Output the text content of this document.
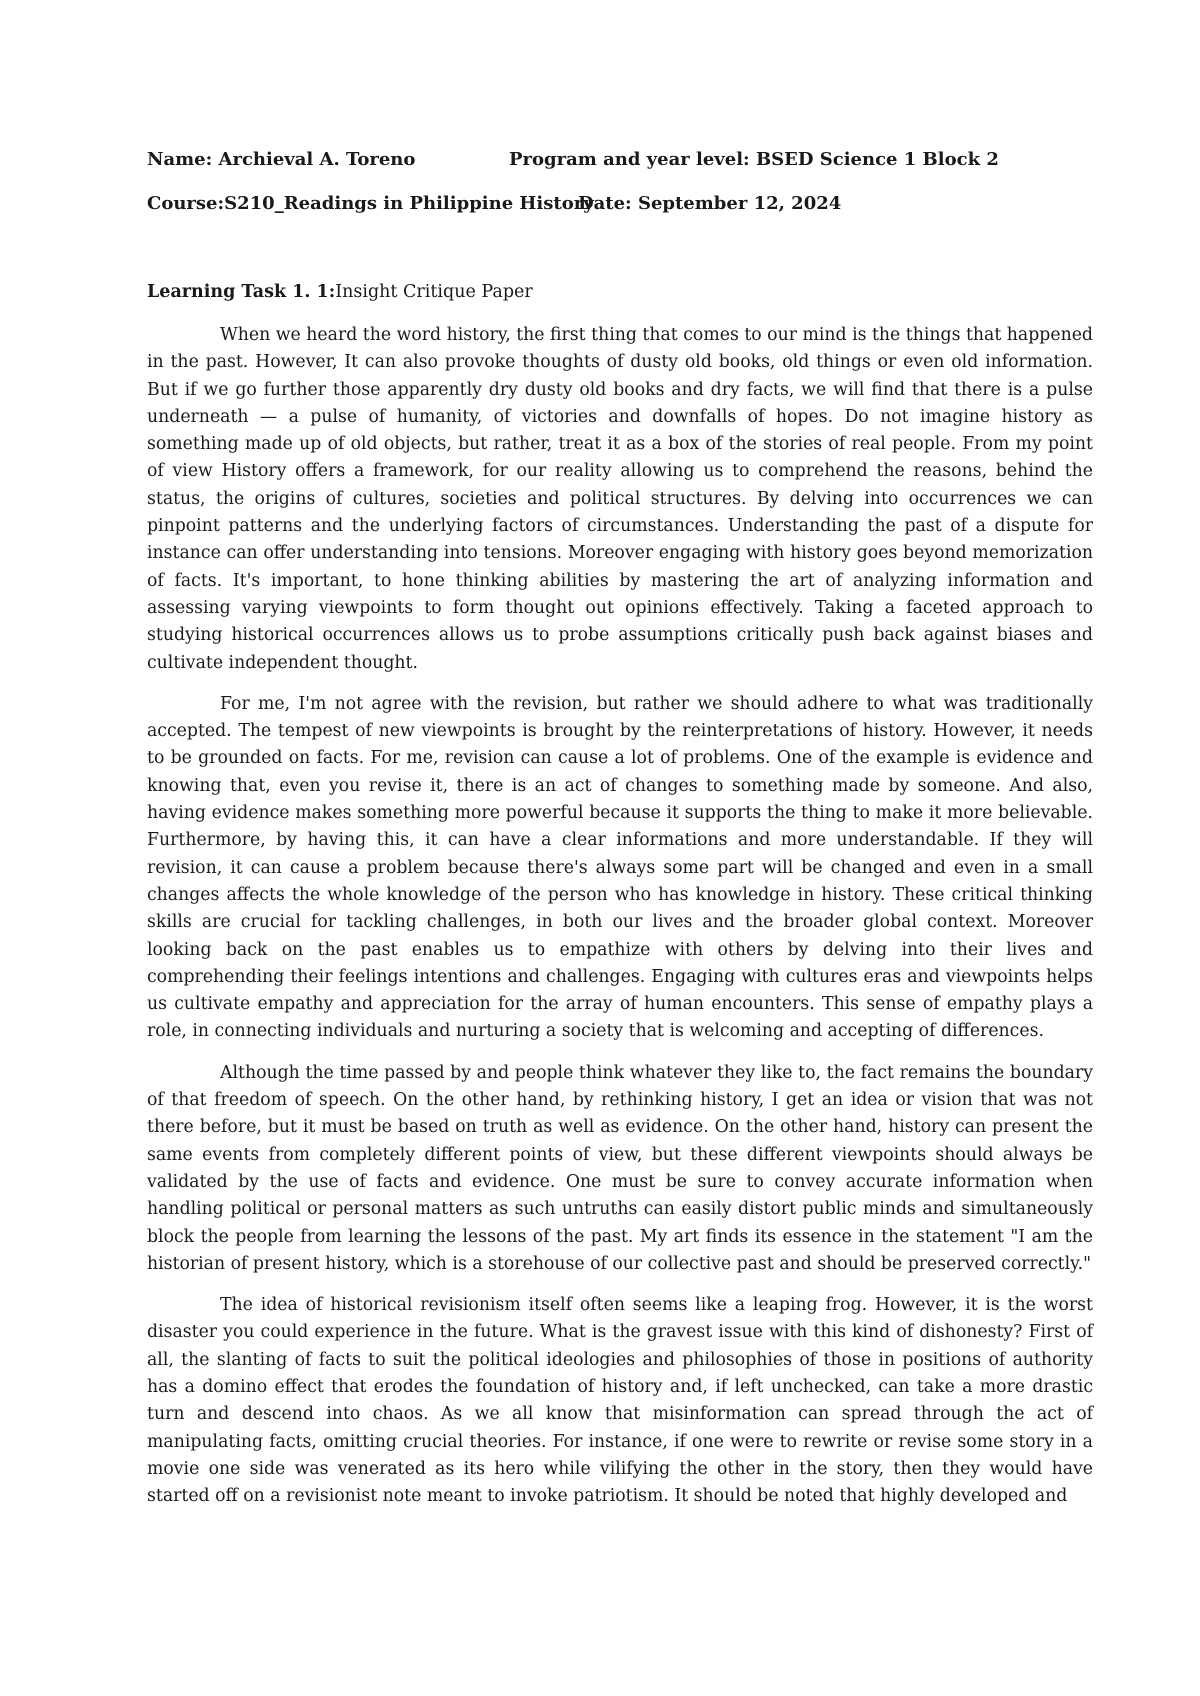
Name: Archieval A. Toreno	Program and year level: BSED Science 1 Block 2
Course:S210_Readings in Philippine History
Date: September 12, 2024
Learning Task 1. 1:Insight Critique Paper

When we heard the word history, the first thing that comes to our mind is the things that happened in the past. However, It can also provoke thoughts of dusty old books, old things or even old information. But if we go further those apparently dry dusty old books and dry facts, we will find that there is a pulse underneath — a pulse of humanity, of victories and downfalls of hopes. Do not imagine history as something made up of old objects, but rather, treat it as a box of the stories of real people. From my point of view History offers a framework, for our reality allowing us to comprehend the reasons, behind the status, the origins of cultures, societies and political structures. By delving into occurrences we can pinpoint patterns and the underlying factors of circumstances. Understanding the past of a dispute for instance can offer understanding into tensions. Moreover engaging with history goes beyond memorization of facts. It's important, to hone thinking abilities by mastering the art of analyzing information and assessing varying viewpoints to form thought out opinions effectively. Taking a faceted approach to studying historical occurrences allows us to probe assumptions critically push back against biases and cultivate independent thought.

For me, I'm not agree with the revision, but rather we should adhere to what was traditionally accepted. The tempest of new viewpoints is brought by the reinterpretations of history. However, it needs to be grounded on facts. For me, revision can cause a lot of problems. One of the example is evidence and knowing that, even you revise it, there is an act of changes to something made by someone. And also, having evidence makes something more powerful because it supports the thing to make it more believable. Furthermore, by having this, it can have a clear informations and more understandable. If they will revision, it can cause a problem because there's always some part will be changed and even in a small changes affects the whole knowledge of the person who has knowledge in history. These critical thinking skills are crucial for tackling challenges, in both our lives and the broader global context. Moreover looking back on the past enables us to empathize with others by delving into their lives and comprehending their feelings intentions and challenges. Engaging with cultures eras and viewpoints helps us cultivate empathy and appreciation for the array of human encounters. This sense of empathy plays a role, in connecting individuals and nurturing a society that is welcoming and accepting of differences.

Although the time passed by and people think whatever they like to, the fact remains the boundary of that freedom of speech. On the other hand, by rethinking history, I get an idea or vision that was not there before, but it must be based on truth as well as evidence. On the other hand, history can present the same events from completely different points of view, but these different viewpoints should always be validated by the use of facts and evidence. One must be sure to convey accurate information when handling political or personal matters as such untruths can easily distort public minds and simultaneously block the people from learning the lessons of the past. My art finds its essence in the statement "I am the historian of present history, which is a storehouse of our collective past and should be preserved correctly."

The idea of historical revisionism itself often seems like a leaping frog. However, it is the worst disaster you could experience in the future. What is the gravest issue with this kind of dishonesty? First of all, the slanting of facts to suit the political ideologies and philosophies of those in positions of authority has a domino effect that erodes the foundation of history and, if left unchecked, can take a more drastic turn and descend into chaos. As we all know that misinformation can spread through the act of manipulating facts, omitting crucial theories. For instance, if one were to rewrite or revise some story in a movie one side was venerated as its hero while vilifying the other in the story, then they would have started off on a revisionist note meant to invoke patriotism. It should be noted that highly developed and
